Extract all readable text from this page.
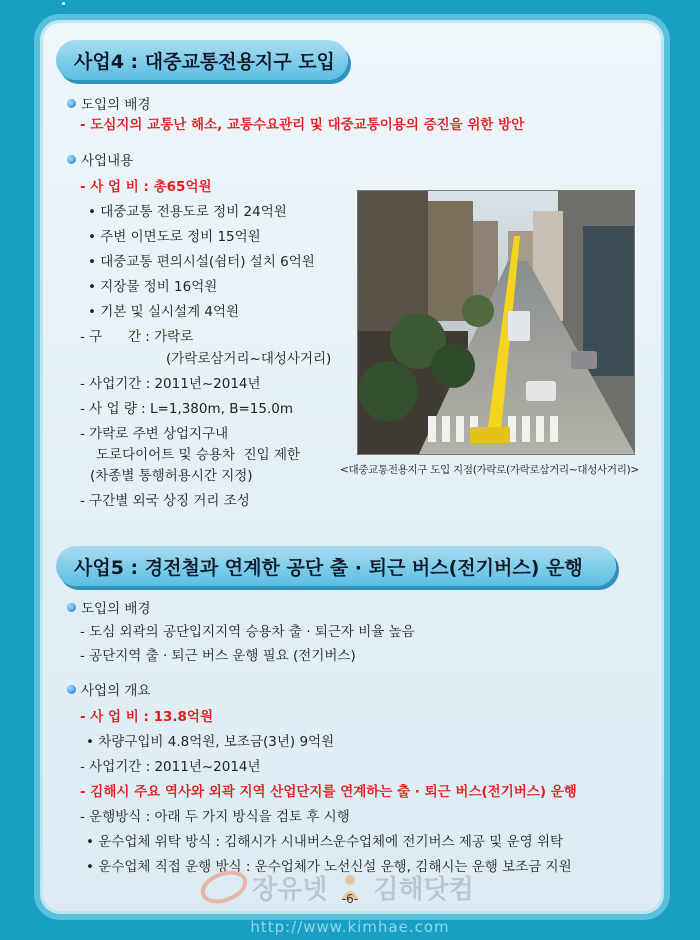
사업4 : 대중교통전용지구 도입
도입의 배경
- 도심지의 교통난 해소, 교통수요관리 및 대중교통이용의 증진을 위한 방안
사업내용
- 사 업 비 : 총65억원
• 대중교통 전용도로 정비 24억원
• 주변 이면도로 정비 15억원
• 대중교통 편의시설(쉼터) 설치 6억원
• 지장물 정비 16억원
• 기본 및 실시설계 4억원
- 구      간 : 가락로
(가락로삼거리~대성사거리)
- 사업기간 : 2011년~2014년
- 사 업 량 : L=1,380m, B=15.0m
- 가락로 주변 상업지구내
도로다이어트 및 승용차  진입 제한
(차종별 통행허용시간 지정)
- 구간별 외국 상징 거리 조성
<대중교통전용지구 도입 지점(가락로(가락로삼거리~대성사거리)>
사업5 : 경전철과 연계한 공단 출 · 퇴근 버스(전기버스) 운행
도입의 배경
- 도심 외곽의 공단입지지역 승용차 출 · 퇴근자 비율 높음
- 공단지역 출 · 퇴근 버스 운행 필요 (전기버스)
사업의 개요
- 사 업 비 : 13.8억원
• 차량구입비 4.8억원, 보조금(3년) 9억원
- 사업기간 : 2011년~2014년
- 김해시 주요 역사와 외곽 지역 산업단지를 연계하는 출 · 퇴근 버스(전기버스) 운행
- 운행방식 : 아래 두 가지 방식을 검토 후 시행
• 운수업체 위탁 방식 : 김해시가 시내버스운수업체에 전기버스 제공 및 운영 위탁
• 운수업체 직접 운행 방식 : 운수업체가 노선신설 운행, 김해시는 운행 보조금 지원
장유넷 김해닷컴
-6-
http://www.kimhae.com
